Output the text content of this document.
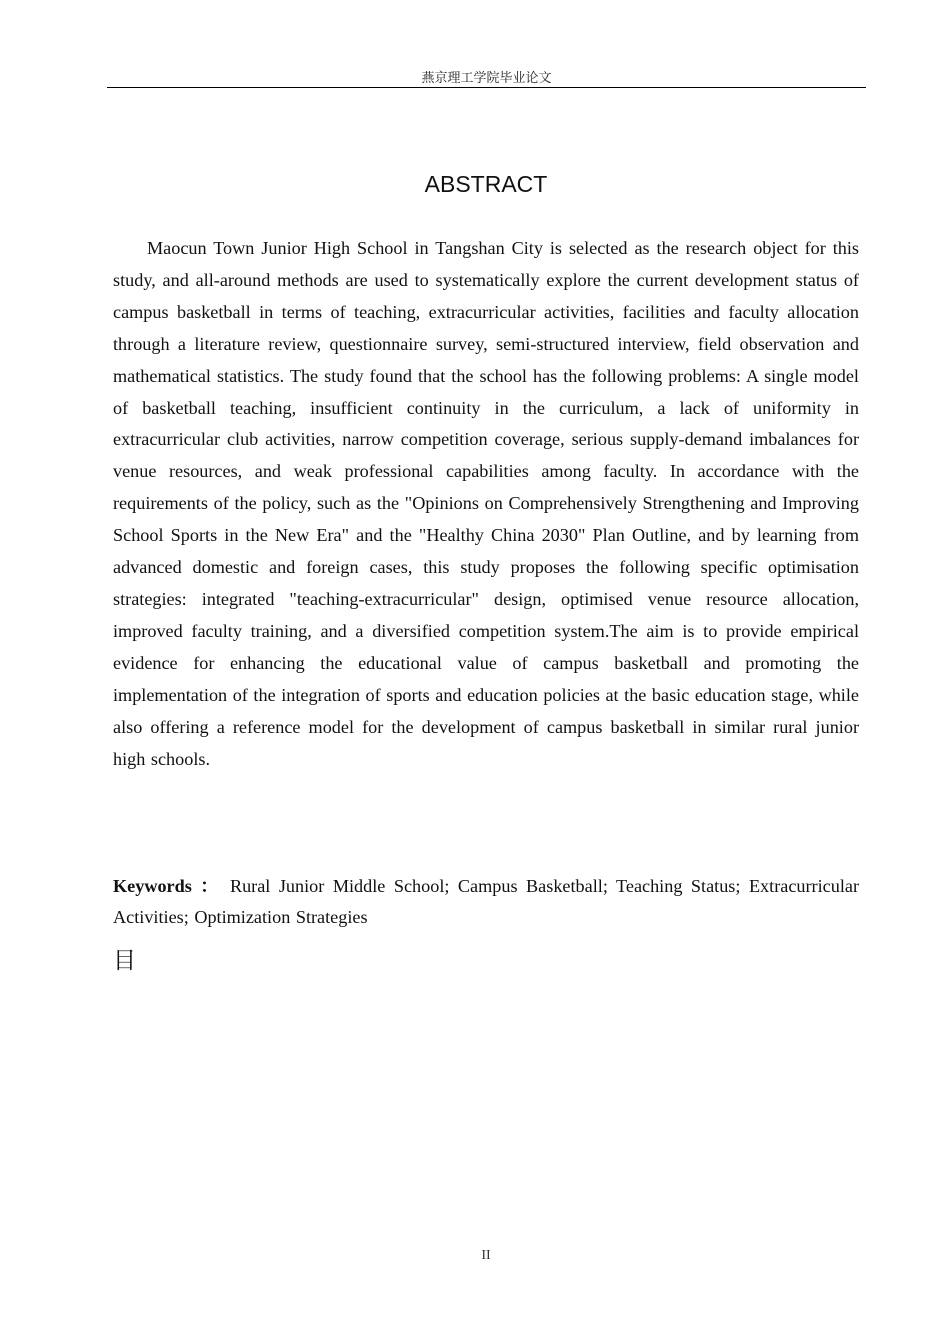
燕京理工学院毕业论文
ABSTRACT

Maocun Town Junior High School in Tangshan City is selected as the research object for this study, and all-around methods are used to systematically explore the current development status of campus basketball in terms of teaching, extracurricular activities, facilities and faculty allocation through a literature review, questionnaire survey, semi-structured interview, field observation and mathematical statistics. The study found that the school has the following problems: A single model of basketball teaching, insufficient continuity in the curriculum, a lack of uniformity in extracurricular club activities, narrow competition coverage, serious supply-demand imbalances for venue resources, and weak professional capabilities among faculty. In accordance with the requirements of the policy, such as the "Opinions on Comprehensively Strengthening and Improving School Sports in the New Era" and the "Healthy China 2030" Plan Outline, and by learning from advanced domestic and foreign cases, this study proposes the following specific optimisation strategies: integrated "teaching-extracurricular" design, optimised venue resource allocation, improved faculty training, and a diversified competition system.The aim is to provide empirical evidence for enhancing the educational value of campus basketball and promoting the implementation of the integration of sports and education policies at the basic education stage, while also offering a reference model for the development of campus basketball in similar rural junior high schools.

Keywords ： Rural Junior Middle School; Campus Basketball; Teaching Status; Extracurricular Activities; Optimization Strategies

目
II
